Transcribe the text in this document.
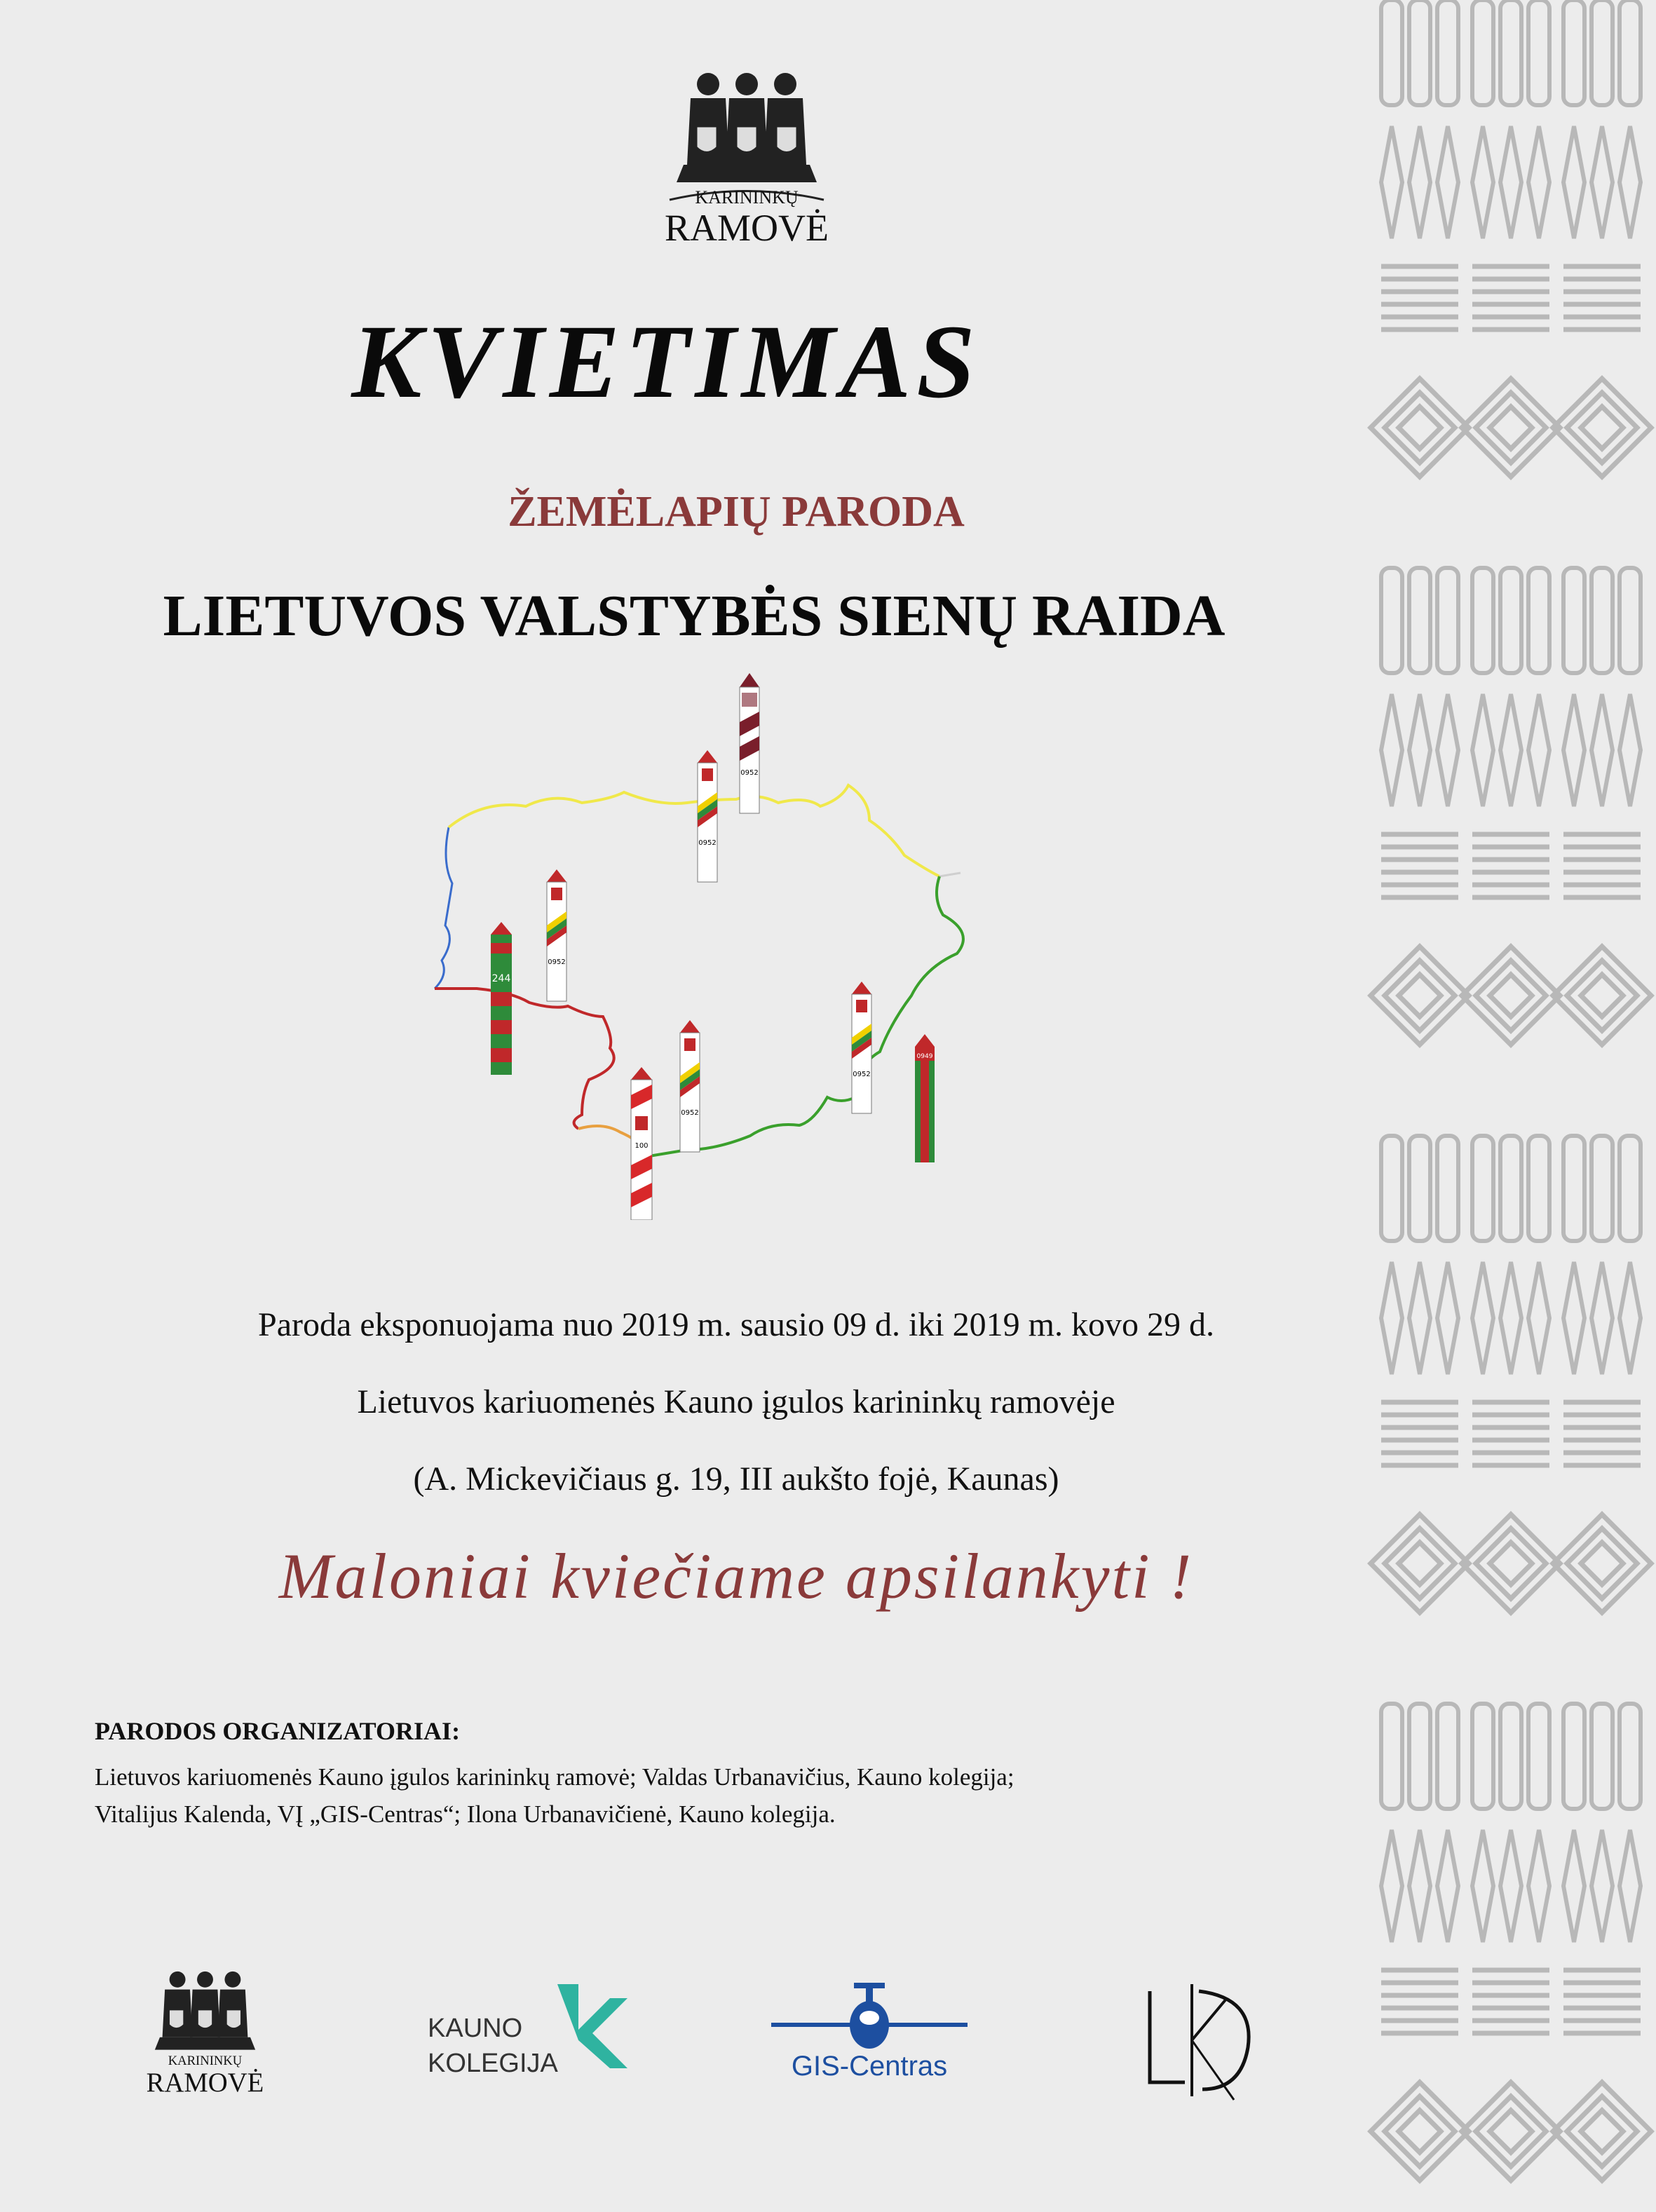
KARININKŲ
RAMOVĖ
KVIETIMAS
ŽEMĖLAPIŲ PARODA
LIETUVOS VALSTYBĖS SIENŲ RAIDA
0952
0952
0952
244
0952
100
0952
0949
Paroda eksponuojama nuo 2019 m. sausio 09 d. iki 2019 m. kovo 29 d.
Lietuvos kariuomenės Kauno įgulos karininkų ramovėje
(A. Mickevičiaus g. 19, III aukšto fojė, Kaunas)
Maloniai kviečiame apsilankyti !
PARODOS ORGANIZATORIAI:
Lietuvos kariuomenės Kauno įgulos karininkų ramovė; Valdas Urbanavičius, Kauno kolegija;
Vitalijus Kalenda, VĮ „GIS-Centras“; Ilona Urbanavičienė, Kauno kolegija.
KARININKŲ
RAMOVĖ
KAUNO
KOLEGIJA	GIS-Centras
